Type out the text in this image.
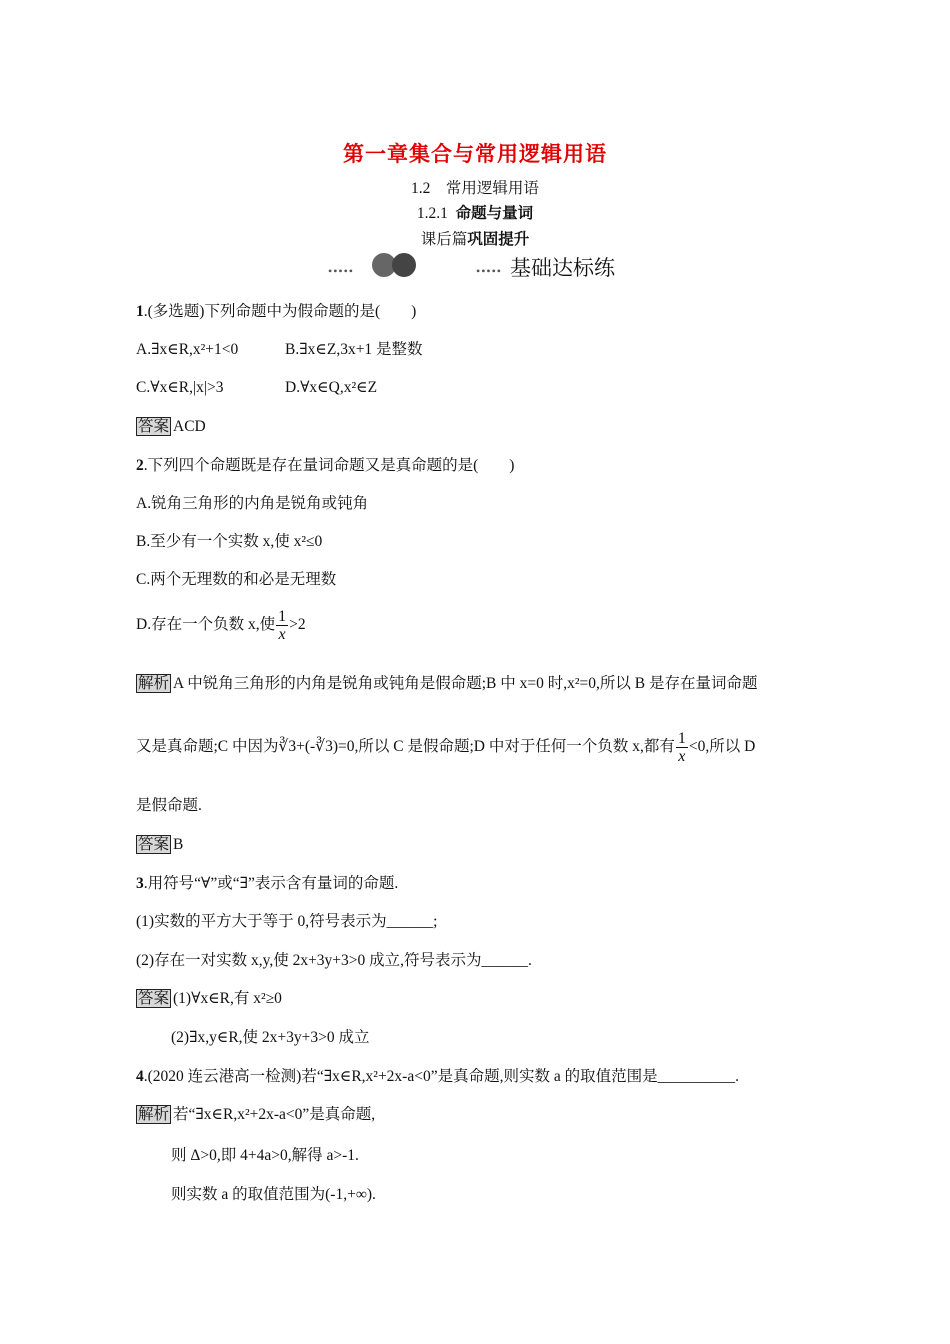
第一章集合与常用逻辑用语
1.2　常用逻辑用语
1.2.1 命题与量词
课后篇巩固提升
•••••	••••• 基础达标练
1.(多选题)下列命题中为假命题的是(　　)
A.∃x∈R,x²+1<0	B.∃x∈Z,3x+1 是整数
C.∀x∈R,|x|>3	D.∀x∈Q,x²∈Z
答案 ACD
2.下列四个命题既是存在量词命题又是真命题的是(　　)
A.锐角三角形的内角是锐角或钝角
B.至少有一个实数 x,使 x²≤0
C.两个无理数的和必是无理数
D.存在一个负数 x,使 $\frac{1}{x} >2$
解析 A 中锐角三角形的内角是锐角或钝角是假命题;B 中 x=0 时,x²=0,所以 B 是存在量词命题
又是真命题;C 中因为∛3+(-∛3)=0,所以 C 是假命题;D 中对于任何一个负数 x,都有 $\frac{1}{x} <0$,所以 D
是假命题.
答案 B
3.用符号“∀”或“∃”表示含有量词的命题.
(1)实数的平方大于等于 0,符号表示为______;
(2)存在一对实数 x,y,使 2x+3y+3>0 成立,符号表示为______.
答案 (1)∀x∈R,有 x²≥0
(2)∃x,y∈R,使 2x+3y+3>0 成立
4.(2020 连云港高一检测)若“∃x∈R,x²+2x-a<0”是真命题,则实数 a 的取值范围是__________.
解析 若“∃x∈R,x²+2x-a<0”是真命题,
则 Δ>0,即 4+4a>0,解得 a>-1.
则实数 a 的取值范围为(-1,+∞).
